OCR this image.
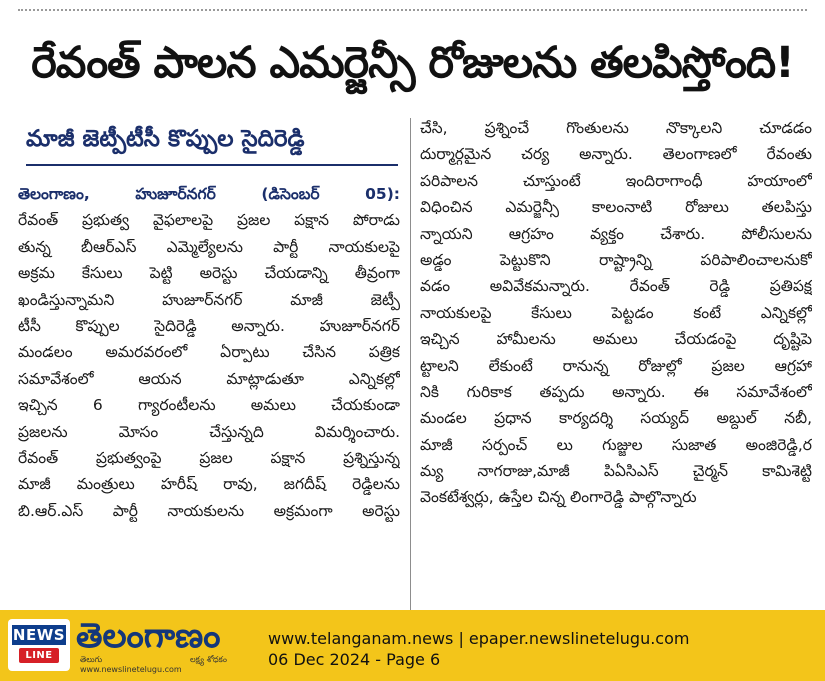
రేవంత్ పాలన ఎమర్జెన్సీ రోజులను తలపిస్తోంది!
మాజీ జెట్పీటీసీ కొప్పుల సైదిరెడ్డి
తెలంగాణం, హుజూర్‌నగర్ (డిసెంబర్ 05):
రేవంత్ ప్రభుత్వ వైఫలాలపై ప్రజల పక్షాన పోరాడు
తున్న బీఆర్ఎస్ ఎమ్మెల్యేలను పార్టీ నాయకులపై
అక్రమ కేసులు పెట్టి అరెస్టు చేయడాన్ని తీవ్రంగా
ఖండిస్తున్నామని హుజూర్‌నగర్ మాజీ జెట్పీ
టీసీ కొప్పుల సైదిరెడ్డి అన్నారు. హుజూర్‌నగర్
మండలం అమరవరంలో ఏర్పాటు చేసిన పత్రిక
సమావేశంలో ఆయన మాట్లాడుతూ ఎన్నికల్లో
ఇచ్చిన 6 గ్యారంటీలను అమలు చేయకుండా
ప్రజలను మోసం చేస్తున్నది విమర్శించారు.
రేవంత్ ప్రభుత్వంపై ప్రజల పక్షాన ప్రశ్నిస్తున్న
మాజీ మంత్రులు హరీష్ రావు, జగదీష్ రెడ్డిలను
బి.ఆర్.ఎస్ పార్టీ నాయకులను అక్రమంగా అరెస్టు
చేసి, ప్రశ్నించే గొంతులను నొక్కాలని చూడడం
దుర్మార్గమైన చర్య అన్నారు. తెలంగాణలో రేవంతు
పరిపాలన చూస్తుంటే ఇందిరాగాంధీ హయాంలో
విధించిన ఎమర్జెన్సీ కాలంనాటి రోజులు తలపిస్తు
న్నాయని ఆగ్రహం వ్యక్తం చేశారు. పోలీసులను
అడ్డం పెట్టుకొని రాష్ట్రాన్ని పరిపాలించాలనుకో
వడం అవివేకమన్నారు. రేవంత్ రెడ్డి ప్రతిపక్ష
నాయకులపై కేసులు పెట్టడం కంటే ఎన్నికల్లో
ఇచ్చిన హామీలను అమలు చేయడంపై దృష్టిపె
ట్టాలని లేకుంటే రానున్న రోజుల్లో ప్రజల ఆగ్రహా
నికి గురికాక తప్పదు అన్నారు. ఈ సమావేశంలో
మండల ప్రధాన కార్యదర్శి సయ్యద్ అబ్దుల్ నబీ,
మాజీ సర్పంచ్ లు గుజ్జుల సుజాత అంజిరెడ్డి,ర
మ్య నాగరాజు,మాజీ పిఏసిఎస్ చైర్మన్ కామిశెట్టి
వెంకటేశ్వర్లు, ఉస్తేల చిన్న లింగారెడ్డి పాల్గొన్నారు
NEWS
LINE తెలంగాణం
తెలుగు	లక్ష్య శోధకం
www.newslinetelugu.com
www.telanganam.news | epaper.newslinetelugu.com
06 Dec 2024 - Page 6
